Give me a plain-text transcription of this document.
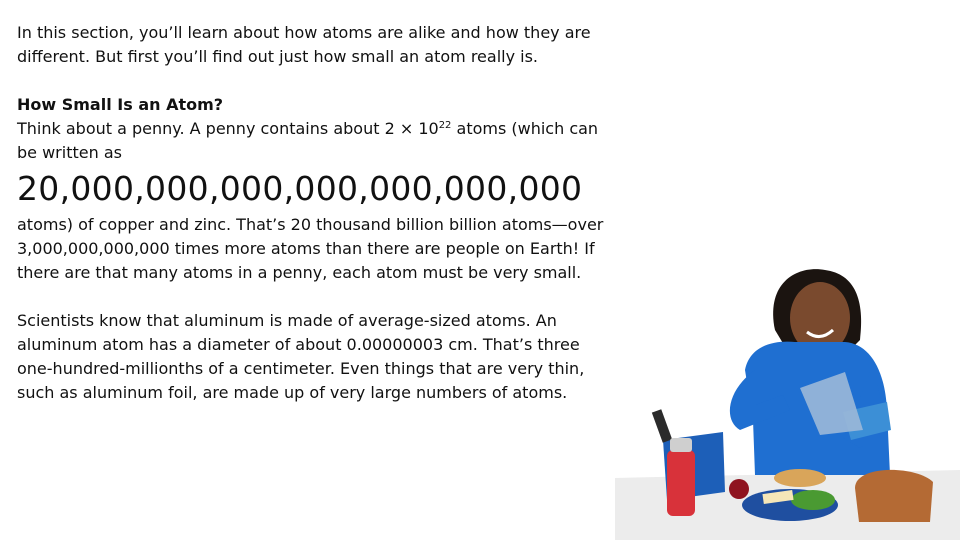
In this section, you’ll learn about how atoms are alike and how they are different. But first you’ll find out just how small an atom really is.

How Small Is an Atom?

Think about a penny. A penny contains about $2 \times 10^{22}$ atoms (which can be written as

20,000,000,000,000,000,000,000

atoms) of copper and zinc. That’s 20 thousand billion billion atoms—over 3,000,000,000,000 times more atoms than there are people on Earth! If there are that many atoms in a penny, each atom must be very small.

Scientists know that aluminum is made of average-sized atoms. An aluminum atom has a diameter of about 0.00000003 cm. That’s three one-hundred-millionths of a centimeter. Even things that are very thin, such as aluminum foil, are made up of very large numbers of atoms.
